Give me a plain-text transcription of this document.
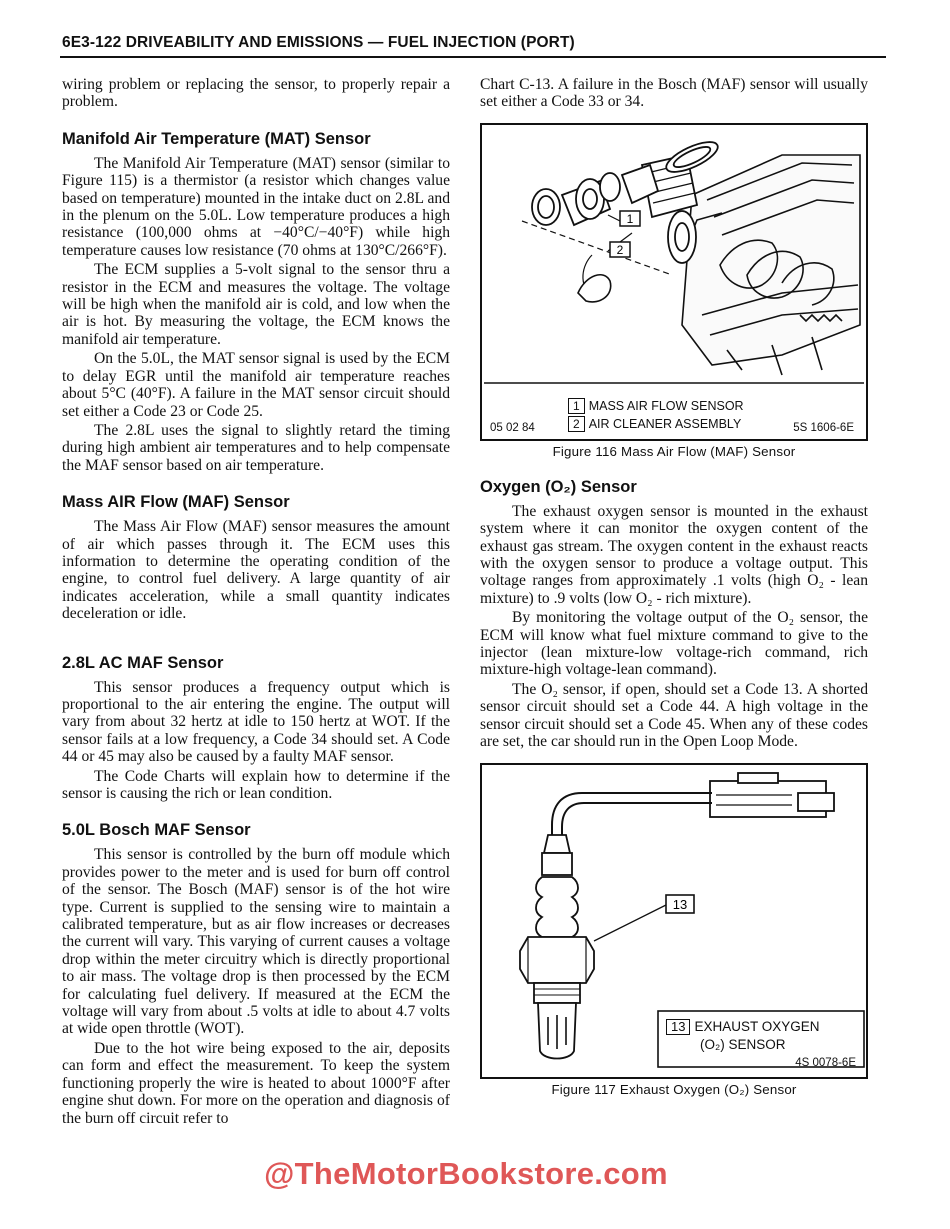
6E3-122 DRIVEABILITY AND EMISSIONS — FUEL INJECTION (PORT)

wiring problem or replacing the sensor, to properly repair a problem.

Manifold Air Temperature (MAT) Sensor

The Manifold Air Temperature (MAT) sensor (similar to Figure 115) is a thermistor (a resistor which changes value based on temperature) mounted in the intake duct on 2.8L and in the plenum on the 5.0L. Low temperature produces a high resistance (100,000 ohms at −40°C/−40°F) while high temperature causes low resistance (70 ohms at 130°C/266°F).

The ECM supplies a 5-volt signal to the sensor thru a resistor in the ECM and measures the voltage. The voltage will be high when the manifold air is cold, and low when the air is hot. By measuring the voltage, the ECM knows the manifold air temperature.

On the 5.0L, the MAT sensor signal is used by the ECM to delay EGR until the manifold air temperature reaches about 5°C (40°F). A failure in the MAT sensor circuit should set either a Code 23 or Code 25.

The 2.8L uses the signal to slightly retard the timing during high ambient air temperatures and to help compensate the MAF sensor based on air temperature.

Mass AIR Flow (MAF) Sensor

The Mass Air Flow (MAF) sensor measures the amount of air which passes through it. The ECM uses this information to determine the operating condition of the engine, to control fuel delivery. A large quantity of air indicates acceleration, while a small quantity indicates deceleration or idle.

2.8L AC MAF Sensor

This sensor produces a frequency output which is proportional to the air entering the engine. The output will vary from about 32 hertz at idle to 150 hertz at WOT. If the sensor fails at a low frequency, a Code 34 should set. A Code 44 or 45 may also be caused by a faulty MAF sensor.

The Code Charts will explain how to determine if the sensor is causing the rich or lean condition.

5.0L Bosch MAF Sensor

This sensor is controlled by the burn off module which provides power to the meter and is used for burn off control of the sensor. The Bosch (MAF) sensor is of the hot wire type. Current is supplied to the sensing wire to maintain a calibrated temperature, but as air flow increases or decreases the current will vary. This varying of current causes a voltage drop within the meter circuitry which is directly proportional to air mass. The voltage drop is then processed by the ECM for calculating fuel delivery. If measured at the ECM the voltage will vary from about .5 volts at idle to about 4.7 volts at wide open throttle (WOT).

Due to the hot wire being exposed to the air, deposits can form and effect the measurement. To keep the system functioning properly the wire is heated to about 1000°F after engine shut down. For more on the operation and diagnosis of the burn off circuit refer to

Chart C-13. A failure in the Bosch (MAF) sensor will usually set either a Code 33 or 34.

1
2
1 MASS AIR FLOW SENSOR
2 AIR CLEANER ASSEMBLY
05 02 84	5S 1606-6E
Figure 116 Mass Air Flow (MAF) Sensor
Oxygen (O₂) Sensor

The exhaust oxygen sensor is mounted in the exhaust system where it can monitor the oxygen content of the exhaust gas stream. The oxygen content in the exhaust reacts with the oxygen sensor to produce a voltage output. This voltage ranges from approximately .1 volts (high O₂ - lean mixture) to .9 volts (low O₂ - rich mixture).

By monitoring the voltage output of the O₂ sensor, the ECM will know what fuel mixture command to give to the injector (lean mixture-low voltage-rich command, rich mixture-high voltage-lean command).

The O₂ sensor, if open, should set a Code 13. A shorted sensor circuit should set a Code 44. A high voltage in the sensor circuit should set a Code 45. When any of these codes are set, the car should run in the Open Loop Mode.

13
13 EXHAUST OXYGEN
(O₂) SENSOR
4S 0078-6E
Figure 117 Exhaust Oxygen (O₂) Sensor
@TheMotorBookstore.com
